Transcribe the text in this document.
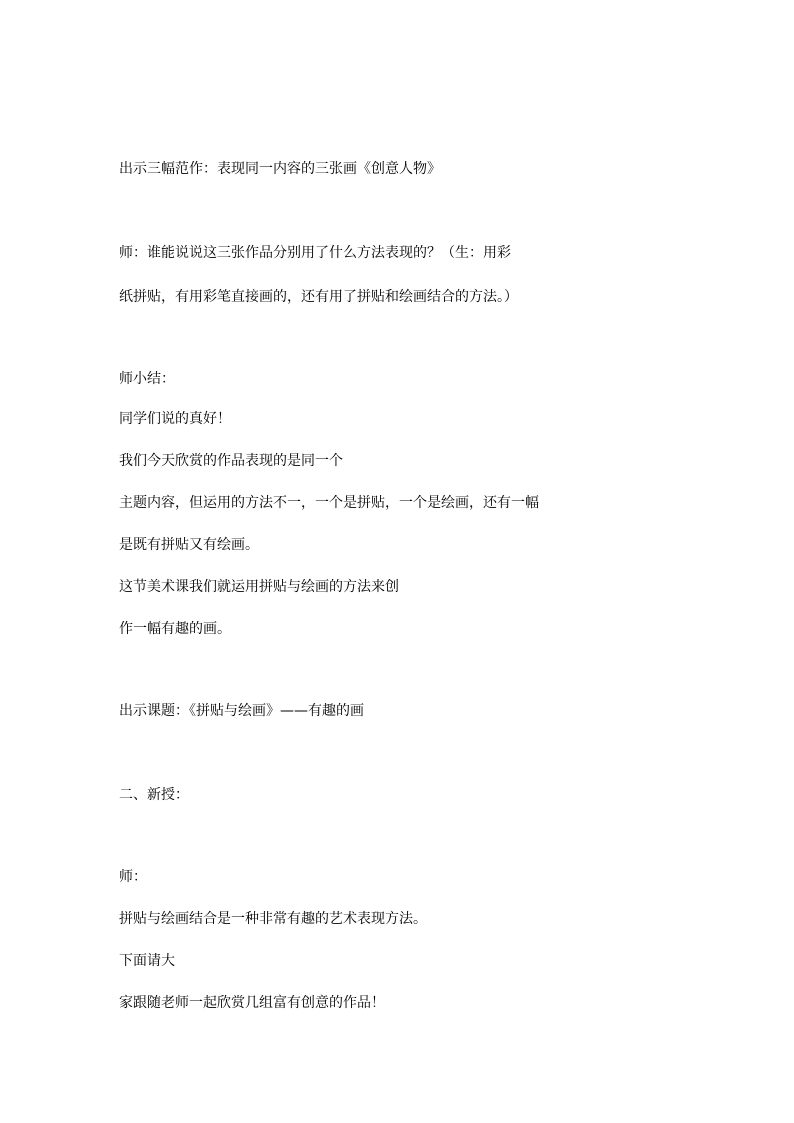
出示三幅范作：表现同一内容的三张画《创意人物》
师：谁能说说这三张作品分别用了什么方法表现的？（生：用彩
纸拼贴，有用彩笔直接画的，还有用了拼贴和绘画结合的方法。）
师小结：
同学们说的真好！
我们今天欣赏的作品表现的是同一个
主题内容，但运用的方法不一，一个是拼贴，一个是绘画，还有一幅
是既有拼贴又有绘画。
这节美术课我们就运用拼贴与绘画的方法来创
作一幅有趣的画。
出示课题：《拼贴与绘画》——有趣的画
二、新授：
师：
拼贴与绘画结合是一种非常有趣的艺术表现方法。
下面请大
家跟随老师一起欣赏几组富有创意的作品！
